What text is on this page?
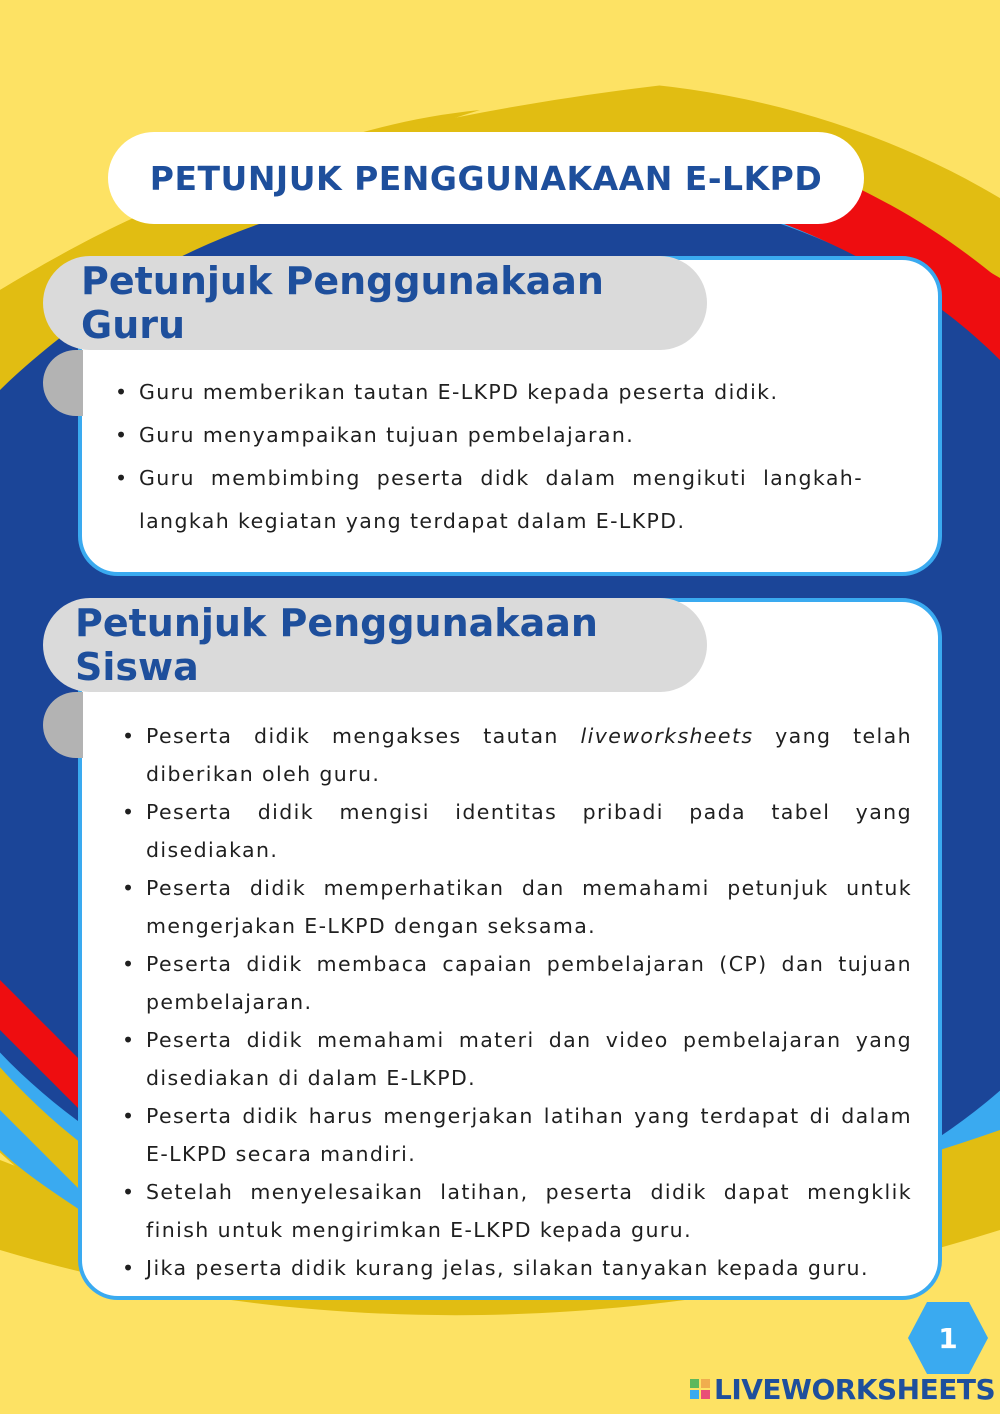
PETUNJUK PENGGUNAKAAN E-LKPD
Petunjuk Penggunakaan Guru
• Guru memberikan tautan E-LKPD kepada peserta didik.
• Guru menyampaikan tujuan pembelajaran.
• Guru membimbing peserta didk dalam mengikuti langkah-langkah kegiatan yang terdapat dalam E-LKPD.
Petunjuk Penggunakaan Siswa
• Peserta didik mengakses tautan liveworksheets yang telah diberikan oleh guru.
• Peserta didik mengisi identitas pribadi pada tabel yang disediakan.
• Peserta didik memperhatikan dan memahami petunjuk untuk mengerjakan E-LKPD dengan seksama.
• Peserta didik membaca capaian pembelajaran (CP) dan tujuan pembelajaran.
• Peserta didik memahami materi dan video pembelajaran yang disediakan di dalam E-LKPD.
• Peserta didik harus mengerjakan latihan yang terdapat di dalam E-LKPD secara mandiri.
• Setelah menyelesaikan latihan, peserta didik dapat mengklik finish untuk mengirimkan E-LKPD kepada guru.
• Jika peserta didik kurang jelas, silakan tanyakan kepada guru.
1
LIVEWORKSHEETS
